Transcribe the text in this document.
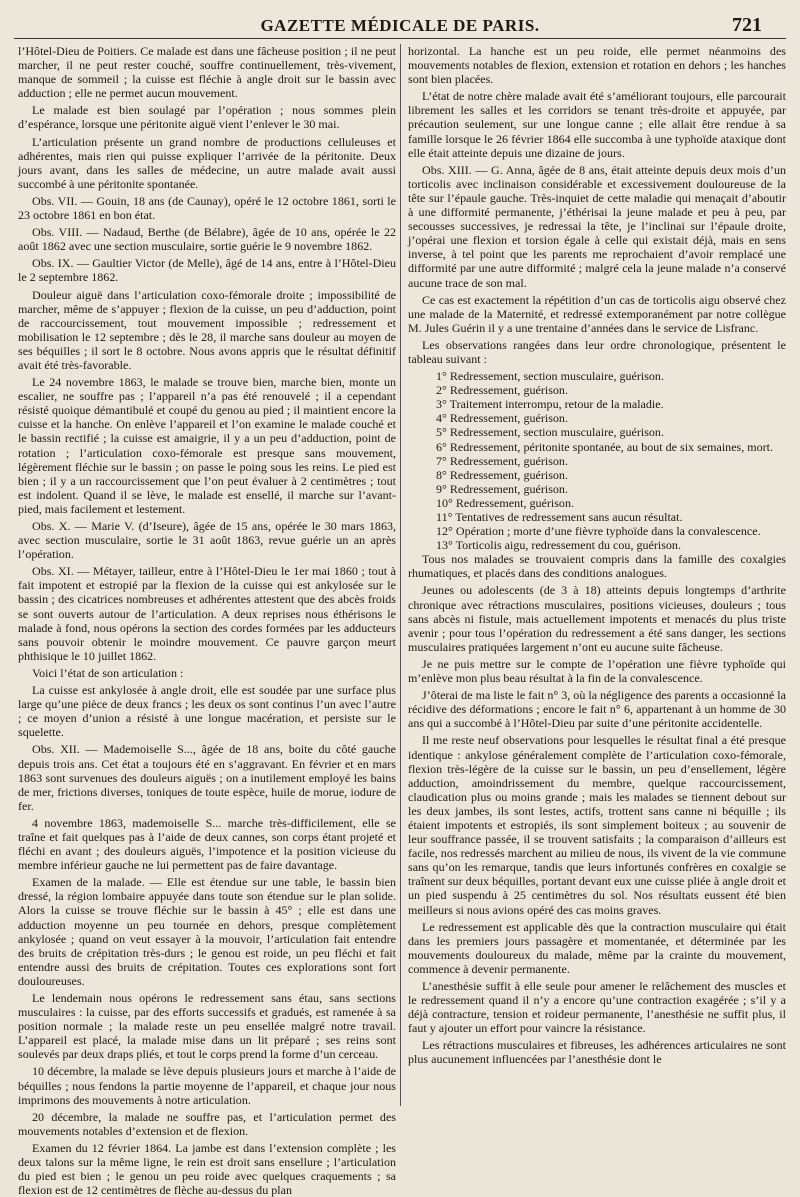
GAZETTE MÉDICALE DE PARIS.	721

l’Hôtel-Dieu de Poitiers. Ce malade est dans une fâcheuse position ; il ne peut marcher, il ne peut rester couché, souffre continuellement, très-vivement, manque de sommeil ; la cuisse est fléchie à angle droit sur le bassin avec adduction ; elle ne permet aucun mouvement.

Le malade est bien soulagé par l’opération ; nous sommes plein d’espérance, lorsque une péritonite aiguë vient l’enlever le 30 mai.

L’articulation présente un grand nombre de productions celluleuses et adhérentes, mais rien qui puisse expliquer l’arrivée de la péritonite. Deux jours avant, dans les salles de médecine, un autre malade avait aussi succombé à une péritonite spontanée.

Obs. VII. — Gouin, 18 ans (de Caunay), opéré le 12 octobre 1861, sorti le 23 octobre 1861 en bon état.

Obs. VIII. — Nadaud, Berthe (de Bélabre), âgée de 10 ans, opérée le 22 août 1862 avec une section musculaire, sortie guérie le 9 novembre 1862.

Obs. IX. — Gaultier Victor (de Melle), âgé de 14 ans, entre à l’Hôtel-Dieu le 2 septembre 1862.

Douleur aiguë dans l’articulation coxo-fémorale droite ; impossibilité de marcher, même de s’appuyer ; flexion de la cuisse, un peu d’adduction, point de raccourcissement, tout mouvement impossible ; redressement et mobilisation le 12 septembre ; dès le 28, il marche sans douleur au moyen de ses béquilles ; il sort le 8 octobre. Nous avons appris que le résultat définitif avait été très-favorable.

Le 24 novembre 1863, le malade se trouve bien, marche bien, monte un escalier, ne souffre pas ; l’appareil n’a pas été renouvelé ; il a cependant résisté quoique démantibulé et coupé du genou au pied ; il maintient encore la cuisse et la hanche. On enlève l’appareil et l’on examine le malade couché et le bassin rectifié ; la cuisse est amaigrie, il y a un peu d’adduction, point de rotation ; l’articulation coxo-fémorale est presque sans mouvement, légèrement fléchie sur le bassin ; on passe le poing sous les reins. Le pied est bien ; il y a un raccourcissement que l’on peut évaluer à 2 centimètres ; tout est indolent. Quand il se lève, le malade est ensellé, il marche sur l’avant-pied, mais facilement et lestement.

Obs. X. — Marie V. (d’Iseure), âgée de 15 ans, opérée le 30 mars 1863, avec section musculaire, sortie le 31 août 1863, revue guérie un an après l’opération.

Obs. XI. — Métayer, tailleur, entre à l’Hôtel-Dieu le 1er mai 1860 ; tout à fait impotent et estropié par la flexion de la cuisse qui est ankylosée sur le bassin ; des cicatrices nombreuses et adhérentes attestent que des abcès froids se sont ouverts autour de l’articulation. A deux reprises nous éthérisons le malade à fond, nous opérons la section des cordes formées par les adducteurs sans pouvoir obtenir le moindre mouvement. Ce pauvre garçon meurt phthisique le 10 juillet 1862.

Voici l’état de son articulation :

La cuisse est ankylosée à angle droit, elle est soudée par une surface plus large qu’une pièce de deux francs ; les deux os sont continus l’un avec l’autre ; ce moyen d’union a résisté à une longue macération, et persiste sur le squelette.

Obs. XII. — Mademoiselle S..., âgée de 18 ans, boite du côté gauche depuis trois ans. Cet état a toujours été en s’aggravant. En février et en mars 1863 sont survenues des douleurs aiguës ; on a inutilement employé les bains de mer, frictions diverses, toniques de toute espèce, huile de morue, iodure de fer.

4 novembre 1863, mademoiselle S... marche très-difficilement, elle se traîne et fait quelques pas à l’aide de deux cannes, son corps étant projeté et fléchi en avant ; des douleurs aiguës, l’impotence et la position vicieuse du membre inférieur gauche ne lui permettent pas de faire davantage.

Examen de la malade. — Elle est étendue sur une table, le bassin bien dressé, la région lombaire appuyée dans toute son étendue sur le plan solide. Alors la cuisse se trouve fléchie sur le bassin à 45° ; elle est dans une adduction moyenne un peu tournée en dehors, presque complètement ankylosée ; quand on veut essayer à la mouvoir, l’articulation fait entendre des bruits de crépitation très-durs ; le genou est roide, un peu fléchi et fait entendre aussi des bruits de crépitation. Toutes ces explorations sont fort douloureuses.

Le lendemain nous opérons le redressement sans étau, sans sections musculaires : la cuisse, par des efforts successifs et gradués, est ramenée à sa position normale ; la malade reste un peu ensellée malgré notre travail. L’appareil est placé, la malade mise dans un lit préparé ; ses reins sont soulevés par deux draps pliés, et tout le corps prend la forme d’un cerceau.

10 décembre, la malade se lève depuis plusieurs jours et marche à l’aide de béquilles ; nous fendons la partie moyenne de l’appareil, et chaque jour nous imprimons des mouvements à notre articulation.

20 décembre, la malade ne souffre pas, et l’articulation permet des mouvements notables d’extension et de flexion.

Examen du 12 février 1864. La jambe est dans l’extension complète ; les deux talons sur la même ligne, le rein est droit sans ensellure ; l’articulation du pied est bien ; le genou un peu roide avec quelques craquements ; sa flexion est de 12 centimètres de flèche au-dessus du plan

horizontal. La hanche est un peu roide, elle permet néanmoins des mouvements notables de flexion, extension et rotation en dehors ; les hanches sont bien placées.

L’état de notre chère malade avait été s’améliorant toujours, elle parcourait librement les salles et les corridors se tenant très-droite et appuyée, par précaution seulement, sur une longue canne ; elle allait être rendue à sa famille lorsque le 26 février 1864 elle succomba à une typhoïde ataxique dont elle était atteinte depuis une dizaine de jours.

Obs. XIII. — G. Anna, âgée de 8 ans, était atteinte depuis deux mois d’un torticolis avec inclinaison considérable et excessivement douloureuse de la tête sur l’épaule gauche. Très-inquiet de cette maladie qui menaçait d’aboutir à une difformité permanente, j’éthérisai la jeune malade et peu à peu, par secousses successives, je redressai la tête, je l’inclinai sur l’épaule droite, j’opérai une flexion et torsion égale à celle qui existait déjà, mais en sens inverse, à tel point que les parents me reprochaient d’avoir remplacé une difformité par une autre difformité ; malgré cela la jeune malade n’a conservé aucune trace de son mal.

Ce cas est exactement la répétition d’un cas de torticolis aigu observé chez une malade de la Maternité, et redressé extemporanément par notre collègue M. Jules Guérin il y a une trentaine d’années dans le service de Lisfranc.

Les observations rangées dans leur ordre chronologique, présentent le tableau suivant :

1° Redressement, section musculaire, guérison.

2° Redressement, guérison.

3° Traitement interrompu, retour de la maladie.

4° Redressement, guérison.

5° Redressement, section musculaire, guérison.

6° Redressement, péritonite spontanée, au bout de six semaines, mort.

7° Redressement, guérison.

8° Redressement, guérison.

9° Redressement, guérison.

10° Redressement, guérison.

11° Tentatives de redressement sans aucun résultat.

12° Opération ; morte d’une fièvre typhoïde dans la convalescence.

13° Torticolis aigu, redressement du cou, guérison.

Tous nos malades se trouvaient compris dans la famille des coxalgies rhumatiques, et placés dans des conditions analogues.

Jeunes ou adolescents (de 3 à 18) atteints depuis longtemps d’arthrite chronique avec rétractions musculaires, positions vicieuses, douleurs ; tous sans abcès ni fistule, mais actuellement impotents et menacés du plus triste avenir ; pour tous l’opération du redressement a été sans danger, les sections musculaires pratiquées largement n’ont eu aucune suite fâcheuse.

Je ne puis mettre sur le compte de l’opération une fièvre typhoïde qui m’enlève mon plus beau résultat à la fin de la convalescence.

J’ôterai de ma liste le fait n° 3, où la négligence des parents a occasionné la récidive des déformations ; encore le fait n° 6, appartenant à un homme de 30 ans qui a succombé à l’Hôtel-Dieu par suite d’une péritonite accidentelle.

Il me reste neuf observations pour lesquelles le résultat final a été presque identique : ankylose généralement complète de l’articulation coxo-fémorale, flexion très-légère de la cuisse sur le bassin, un peu d’ensellement, légère adduction, amoindrissement du membre, quelque raccourcissement, claudication plus ou moins grande ; mais les malades se tiennent debout sur les deux jambes, ils sont lestes, actifs, trottent sans canne ni béquille ; ils étaient impotents et estropiés, ils sont simplement boiteux ; au souvenir de leur souffrance passée, il se trouvent satisfaits ; la comparaison d’ailleurs est facile, nos redressés marchent au milieu de nous, ils vivent de la vie commune sans qu’on les remarque, tandis que leurs infortunés confrères en coxalgie se traînent sur deux béquilles, portant devant eux une cuisse pliée à angle droit et un pied suspendu à 25 centimètres du sol. Nos résultats eussent été bien meilleurs si nous avions opéré des cas moins graves.

Le redressement est applicable dès que la contraction musculaire qui était dans les premiers jours passagère et momentanée, et déterminée par les mouvements douloureux du malade, même par la crainte du mouvement, commence à devenir permanente.

L’anesthésie suffit à elle seule pour amener le relâchement des muscles et le redressement quand il n’y a encore qu’une contraction exagérée ; s’il y a déjà contracture, tension et roideur permanente, l’anesthésie ne suffit plus, il faut y ajouter un effort pour vaincre la résistance.

Les rétractions musculaires et fibreuses, les adhérences articulaires ne sont plus aucunement influencées par l’anesthésie dont le
